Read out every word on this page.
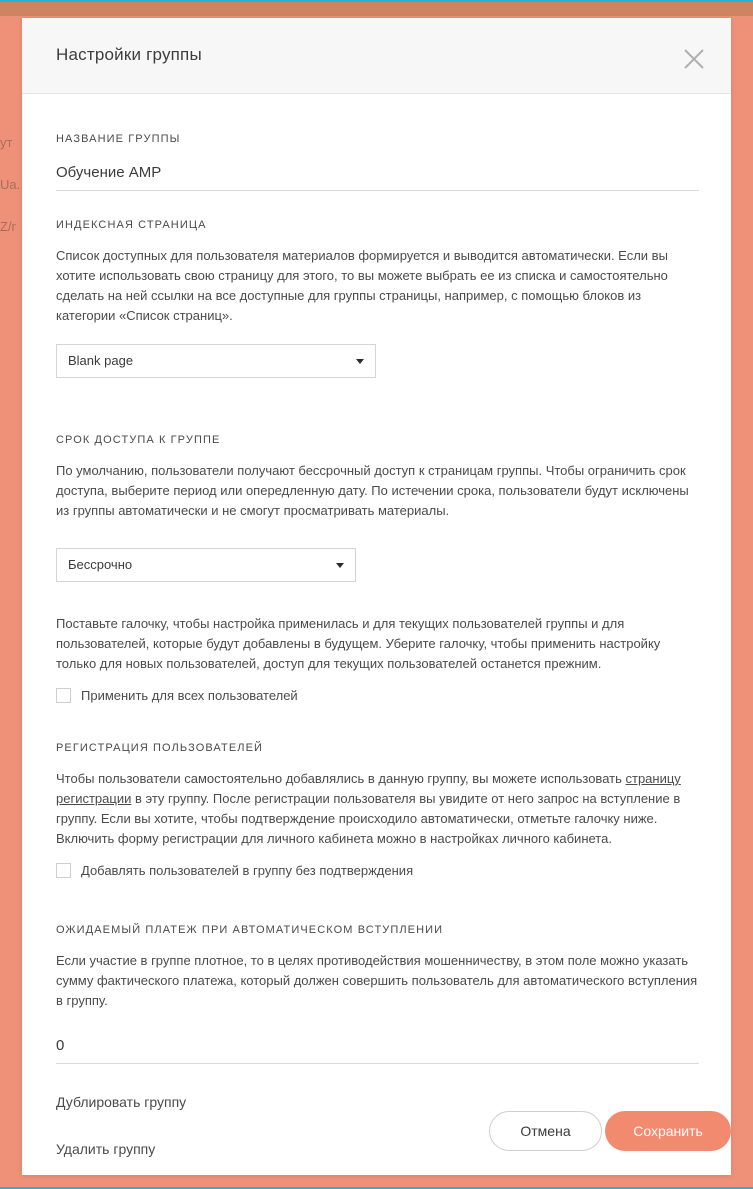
ут
Ua.
Z/r
Настройки группы
НАЗВАНИЕ ГРУППЫ
Обучение AMP
ИНДЕКСНАЯ СТРАНИЦА

Список доступных для пользователя материалов формируется и выводится автоматически. Если вы хотите использовать свою страницу для этого, то вы можете выбрать ее из списка и самостоятельно сделать на ней ссылки на все доступные для группы страницы, например, с помощью блоков из категории «Список страниц».

Blank page
СРОК ДОСТУПА К ГРУППЕ

По умолчанию, пользователи получают бессрочный доступ к страницам группы. Чтобы ограничить срок доступа, выберите период или опередленную дату. По истечении срока, пользователи будут исключены из группы автоматически и не смогут просматривать материалы.

Бессрочно

Поставьте галочку, чтобы настройка применилась и для текущих пользователей группы и для пользователей, которые будут добавлены в будущем. Уберите галочку, чтобы применить настройку только для новых пользователей, доступ для текущих пользователей останется прежним.

Применить для всех пользователей
РЕГИСТРАЦИЯ ПОЛЬЗОВАТЕЛЕЙ

Чтобы пользователи самостоятельно добавлялись в данную группу, вы можете использовать страницу регистрации в эту группу. После регистрации пользователя вы увидите от него запрос на вступление в группу. Если вы хотите, чтобы подтверждение происходило автоматически, отметьте галочку ниже. Включить форму регистрации для личного кабинета можно в настройках личного кабинета.

Добавлять пользователей в группу без подтверждения
ОЖИДАЕМЫЙ ПЛАТЕЖ ПРИ АВТОМАТИЧЕСКОМ ВСТУПЛЕНИИ

Если участие в группе плотное, то в целях противодействия мошенничеству, в этом поле можно указать сумму фактического платежа, который должен совершить пользователь для автоматического вступления в группу.

0
Дублировать группу
Удалить группу
Отмена	Сохранить
